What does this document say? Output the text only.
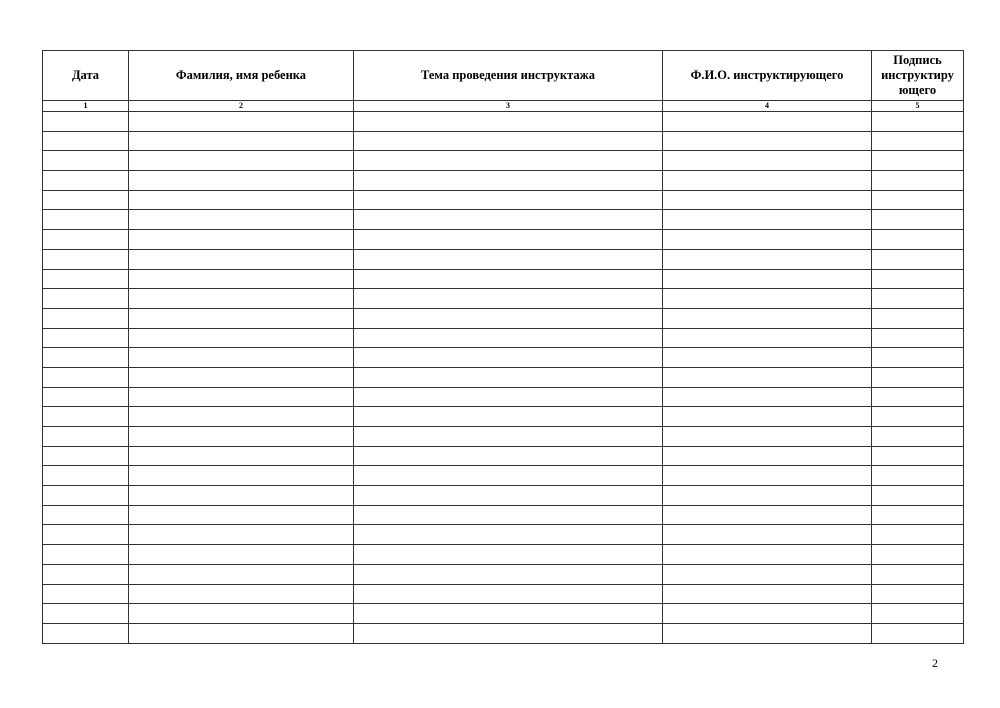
Дата	Фамилия, имя ребенка	Тема проведения инструктажа	Ф.И.О. инструктирующего	Подпись инструктиру ющего
1	2	3	4	5

2
